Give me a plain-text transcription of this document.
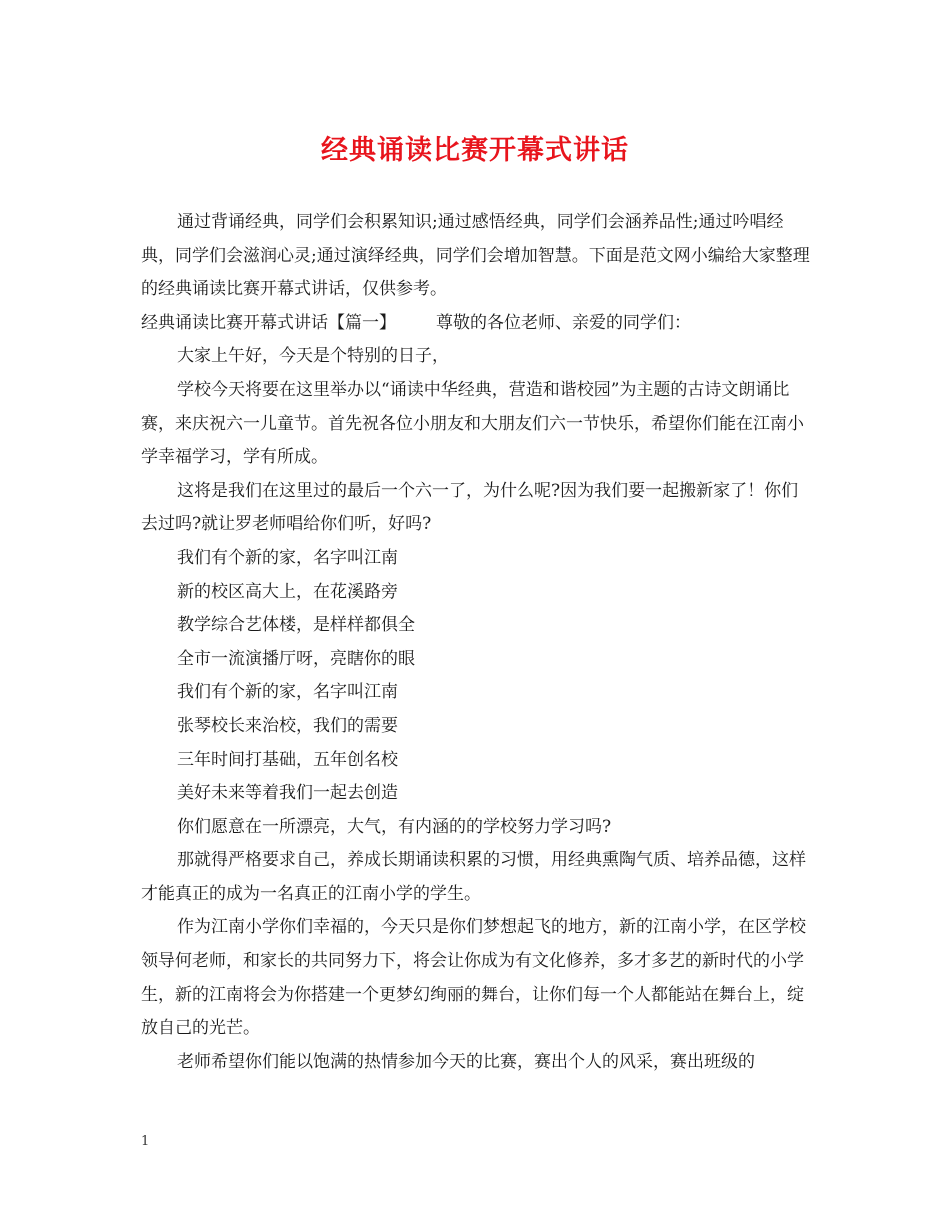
经典诵读比赛开幕式讲话

通过背诵经典，同学们会积累知识;通过感悟经典，同学们会涵养品性;通过吟唱经典，同学们会滋润心灵;通过演绎经典，同学们会增加智慧。下面是范文网小编给大家整理的经典诵读比赛开幕式讲话，仅供参考。

经典诵读比赛开幕式讲话【篇一】 尊敬的各位老师、亲爱的同学们：

大家上午好，今天是个特别的日子，

学校今天将要在这里举办以“诵读中华经典，营造和谐校园”为主题的古诗文朗诵比赛，来庆祝六一儿童节。首先祝各位小朋友和大朋友们六一节快乐，希望你们能在江南小学幸福学习，学有所成。

这将是我们在这里过的最后一个六一了，为什么呢?因为我们要一起搬新家了！你们去过吗?就让罗老师唱给你们听，好吗?

我们有个新的家，名字叫江南

新的校区高大上，在花溪路旁

教学综合艺体楼，是样样都俱全

全市一流演播厅呀，亮瞎你的眼

我们有个新的家，名字叫江南

张琴校长来治校，我们的需要

三年时间打基础，五年创名校

美好未来等着我们一起去创造

你们愿意在一所漂亮，大气，有内涵的的学校努力学习吗?

那就得严格要求自己，养成长期诵读积累的习惯，用经典熏陶气质、培养品德，这样才能真正的成为一名真正的江南小学的学生。

作为江南小学你们幸福的，今天只是你们梦想起飞的地方，新的江南小学，在区学校领导何老师，和家长的共同努力下，将会让你成为有文化修养，多才多艺的新时代的小学生，新的江南将会为你搭建一个更梦幻绚丽的舞台，让你们每一个人都能站在舞台上，绽放自己的光芒。

老师希望你们能以饱满的热情参加今天的比赛，赛出个人的风采，赛出班级的

1
